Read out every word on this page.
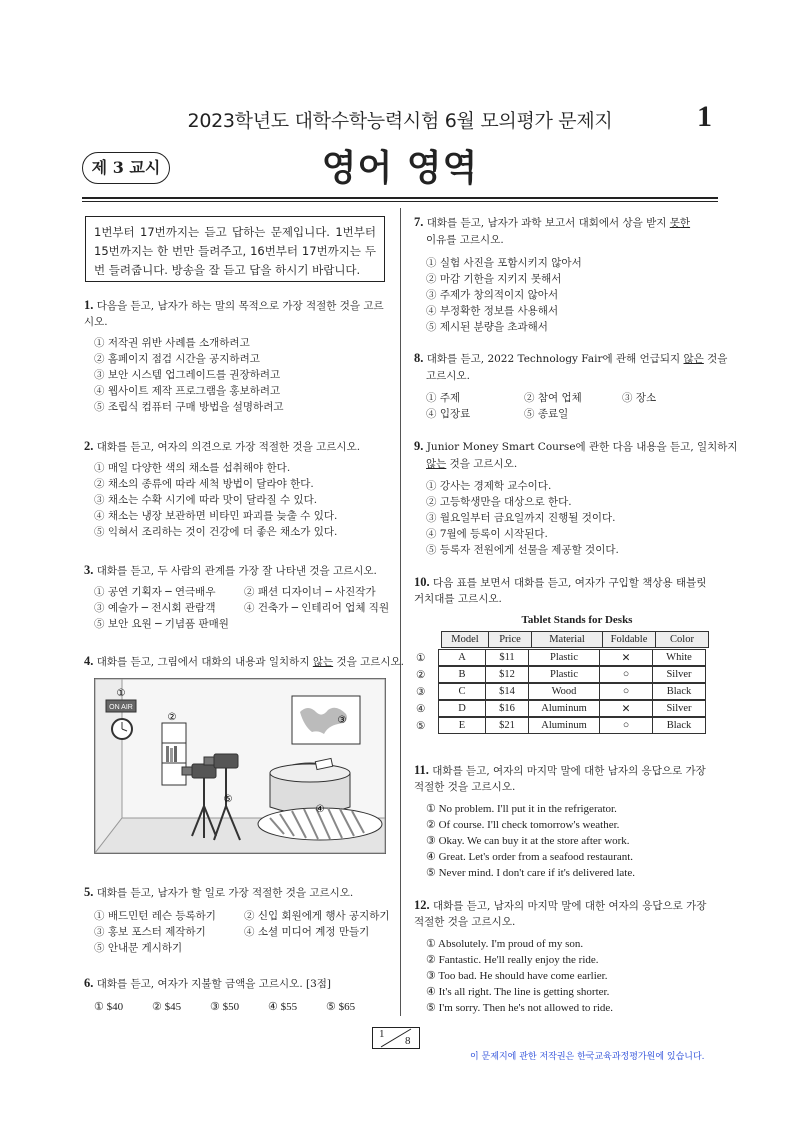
2023학년도 대학수학능력시험 6월 모의평가 문제지	1
제 3 교시	영어 영역
1번부터 17번까지는 듣고 답하는 문제입니다. 1번부터 15번까지는 한 번만 들려주고, 16번부터 17번까지는 두 번 들려줍니다. 방송을 잘 듣고 답을 하시기 바랍니다.
1. 다음을 듣고, 남자가 하는 말의 목적으로 가장 적절한 것을 고르시오.
① 저작권 위반 사례를 소개하려고
② 홈페이지 점검 시간을 공지하려고
③ 보안 시스템 업그레이드를 권장하려고
④ 웹사이트 제작 프로그램을 홍보하려고
⑤ 조립식 컴퓨터 구매 방법을 설명하려고
2. 대화를 듣고, 여자의 의견으로 가장 적절한 것을 고르시오.
① 매일 다양한 색의 채소를 섭취해야 한다.
② 채소의 종류에 따라 세척 방법이 달라야 한다.
③ 채소는 수확 시기에 따라 맛이 달라질 수 있다.
④ 채소는 냉장 보관하면 비타민 파괴를 늦출 수 있다.
⑤ 익혀서 조리하는 것이 건강에 더 좋은 채소가 있다.
3. 대화를 듣고, 두 사람의 관계를 가장 잘 나타낸 것을 고르시오.
① 공연 기획자 ─ 연극배우	② 패션 디자이너 ─ 사진작가
③ 예술가 ─ 전시회 관람객	④ 건축가 ─ 인테리어 업체 직원
⑤ 보안 요원 ─ 기념품 판매원
4. 대화를 듣고, 그림에서 대화의 내용과 일치하지 않는 것을 고르시오.
ON AIR
①
②	③
④
⑤
5. 대화를 듣고, 남자가 할 일로 가장 적절한 것을 고르시오.
① 배드민턴 레슨 등록하기	② 신입 회원에게 행사 공지하기
③ 홍보 포스터 제작하기	④ 소셜 미디어 계정 만들기
⑤ 안내문 게시하기
6. 대화를 듣고, 여자가 지불할 금액을 고르시오. [3점]
① $40	② $45	③ $50	④ $55	⑤ $65
7. 대화를 듣고, 남자가 과학 보고서 대회에서 상을 받지 못한
이유를 고르시오.
① 실험 사진을 포함시키지 않아서
② 마감 기한을 지키지 못해서
③ 주제가 창의적이지 않아서
④ 부정확한 정보를 사용해서
⑤ 제시된 분량을 초과해서
8. 대화를 듣고, 2022 Technology Fair에 관해 언급되지 않은 것을
고르시오.
① 주제	② 참여 업체	③ 장소
④ 입장료	⑤ 종료일
9. Junior Money Smart Course에 관한 다음 내용을 듣고, 일치하지
않는 것을 고르시오.
① 강사는 경제학 교수이다.
② 고등학생만을 대상으로 한다.
③ 월요일부터 금요일까지 진행될 것이다.
④ 7월에 등록이 시작된다.
⑤ 등록자 전원에게 선물을 제공할 것이다.
10. 다음 표를 보면서 대화를 듣고, 여자가 구입할 책상용 태블릿 거치대를 고르시오.
Tablet Stands for Desks

Model	Price	Material	Foldable	Color
①		A	$11	Plastic	✕	White

②		B	$12	Plastic	○	Silver

③		C	$14	Wood	○	Black

④		D	$16	Aluminum	✕	Silver

⑤		E	$21	Aluminum	○	Black
11. 대화를 듣고, 여자의 마지막 말에 대한 남자의 응답으로 가장 적절한 것을 고르시오.
① No problem. I'll put it in the refrigerator.
② Of course. I'll check tomorrow's weather.
③ Okay. We can buy it at the store after work.
④ Great. Let's order from a seafood restaurant.
⑤ Never mind. I don't care if it's delivered late.
12. 대화를 듣고, 남자의 마지막 말에 대한 여자의 응답으로 가장 적절한 것을 고르시오.
① Absolutely. I'm proud of my son.
② Fantastic. He'll really enjoy the ride.
③ Too bad. He should have come earlier.
④ It's all right. The line is getting shorter.
⑤ I'm sorry. Then he's not allowed to ride.
1
8
이 문제지에 관한 저작권은 한국교육과정평가원에 있습니다.
